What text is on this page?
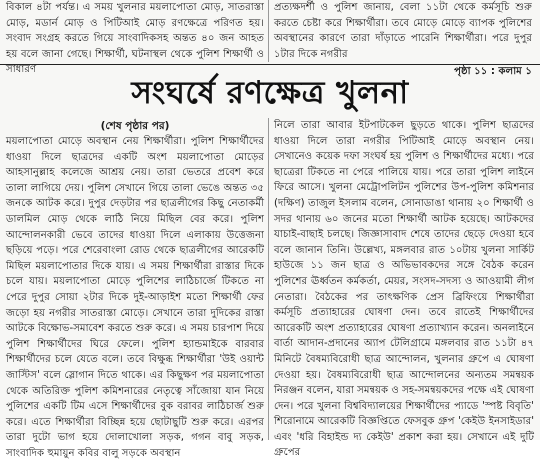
বিকাল ৪টা পর্যন্ত। এ সময় খুলনার ময়লাপোতা মোড়, সাতরাস্তা মোড়, মডার্ন মোড় ও পিটিআই মোড় রণক্ষেত্রে পরিণত হয়। সংবাদ সংগ্রহ করতে গিয়ে সাংবাদিকসহ অন্তত ৪০ জন আহত হয় বলে জানা গেছে। শিক্ষার্থী, ঘটনাস্থল থেকে পুলিশ শিক্ষার্থী ও সাধারণ

প্রত্যক্ষদর্শী ও পুলিশ জানায়, বেলা ১১টা থেকে কর্মসূচি শুরু করতে চেষ্টা করে শিক্ষার্থীরা। তবে মোড়ে মোড়ে ব্যাপক পুলিশের অবস্থানের কারণে তারা দাঁড়াতে পারেনি শিক্ষার্থীরা। পরে দুপুর ১টার দিকে নগরীর

পৃষ্ঠা ১১ : কলাম ১

সংঘর্ষে রণক্ষেত্র খুলনা
(শেষ পৃষ্ঠার পর)

ময়লাপোতা মোড়ে অবস্থান নেয় শিক্ষার্থীরা। পুলিশ শিক্ষার্থীদের ধাওয়া দিলে ছাত্রদের একটি অংশ ময়লাপোতা মোড়ের আহসানুল্লাহ কলেজে আশ্রয় নেয়। তারা ভেতরে প্রবেশ করে তালা লাগিয়ে দেয়। পুলিশ সেখানে গিয়ে তালা ভেঙে অন্তত ৩৫ জনকে আটক করে। দুপুর দেড়টার পর ছাত্রলীগের কিছু নেতাকর্মী ডালমিল মোড় থেকে লাঠি নিয়ে মিছিল বের করে। পুলিশ আন্দোলনকারী ভেবে তাদের ধাওয়া দিলে এলাকায় উত্তেজনা ছড়িয়ে পড়ে। পরে শেরেবাংলা রোড থেকে ছাত্রলীগের আরেকটি মিছিল ময়লাপোতার দিকে যায়। এ সময় শিক্ষার্থীরা রাস্তার দিকে চলে যায়। ময়লাপোতা মোড়ে পুলিশের লাঠিচার্জে টিকতে না পেরে দুপুর সোয়া ২টার দিকে দুই-আড়াইশ মতো শিক্ষার্থী ফের জড়ো হয় নগরীর সাতরাস্তা মোড়ে। সেখানে তারা দুদিকের রাস্তা আটকে বিক্ষোভ-সমাবেশ করতে শুরু করে। এ সময় চারপাশ দিয়ে পুলিশ শিক্ষার্থীদের ঘিরে ফেলে। পুলিশ হ্যান্ডমাইকে বারবার শিক্ষার্থীদের চলে যেতে বলে। তবে বিক্ষুব্ধ শিক্ষার্থীরা 'উই ওয়ান্ট জাস্টিস' বলে স্লোগান দিতে থাকে। এর কিছুক্ষণ পর ময়লাপোতা থেকে অতিরিক্ত পুলিশ কমিশনারের নেতৃত্বে সাঁজোয়া যান নিয়ে পুলিশের একটি টিম এসে শিক্ষার্থীদের বুক বরাবর লাঠিচার্জ শুরু করে। এতে শিক্ষার্থীরা বিচ্ছিন্ন হয়ে ছোটাছুটি শুরু করে। এরপর তারা দুটো ভাগ হয়ে দোলাখোলা সড়ক, গগন বাবু সড়ক, সাংবাদিক হুমায়ুন কবির বালু সড়কে অবস্থান

নিলে তারা আবার ইটপাটকেল ছুড়তে থাকে। পুলিশ ছাত্রদের ধাওয়া দিলে তারা নগরীর পিটিআই মোড়ে অবস্থান নেয়। সেখানেও কয়েক দফা সংঘর্ষ হয় পুলিশ ও শিক্ষার্থীদের মধ্যে। পরে ছাত্রেরা টিকতে না পেরে পালিয়ে যায়। পরে তারা পুলিশ লাইনে ফিরে আসে। খুলনা মেট্রোপলিটন পুলিশের উপ-পুলিশ কমিশনার (দক্ষিণ) তাজুল ইসলাম বলেন, সোনাডাঙা থানায় ২০ শিক্ষার্থী ও সদর থানায় ৬০ জনের মতো শিক্ষার্থী আটক হয়েছে। আটকদের যাচাই-বাছাই চলছে। জিজ্ঞাসাবাদ শেষে তাদের ছেড়ে দেওয়া হবে বলে জানান তিনি। উল্লেখ্য, মঙ্গলবার রাত ১০টায় খুলনা সার্কিট হাউজে ১১ জন ছাত্র ও অভিভাবকদের সঙ্গে বৈঠক করেন পুলিশের ঊর্ধ্বতন কর্মকর্তা, মেয়র, সংসদ-সদস্য ও আওয়ামী লীগ নেতারা। বৈঠকের পর তাৎক্ষণিক প্রেস ব্রিফিংয়ে শিক্ষার্থীরা কর্মসূচি প্রত্যাহারের ঘোষণা দেন। তবে রাতেই শিক্ষার্থীদের আরেকটি অংশ প্রত্যাহারের ঘোষণা প্রত্যাখ্যান করেন। অনলাইনে বার্তা আদান-প্রদানের অ্যাপ টেলিগ্রামে মঙ্গলবার রাত ১১টা ৪৭ মিনিটে বৈষম্যবিরোধী ছাত্র আন্দোলন, খুলনার গ্রুপে এ ঘোষণা দেওয়া হয়। বৈষম্যবিরোধী ছাত্র আন্দোলনের অন্যতম সমন্বয়ক নিরঞ্জন বলেন, যারা সমন্বয়ক ও সহ-সমন্বয়কদের পক্ষে এই ঘোষণা দেন। পরে খুলনা বিশ্ববিদ্যালয়ের শিক্ষার্থীদের প্যাডে 'স্পষ্ট বিবৃতি' শিরোনামে আরেকটি বিজ্ঞপ্তিতে ফেসবুক গ্রুপ 'কেইউ ইনসাইডার' এবং 'ধরি বিহাইন্ড দ্য কেইউ' প্রকাশ করা হয়। সেখানে এই দুটি গ্রুপের
